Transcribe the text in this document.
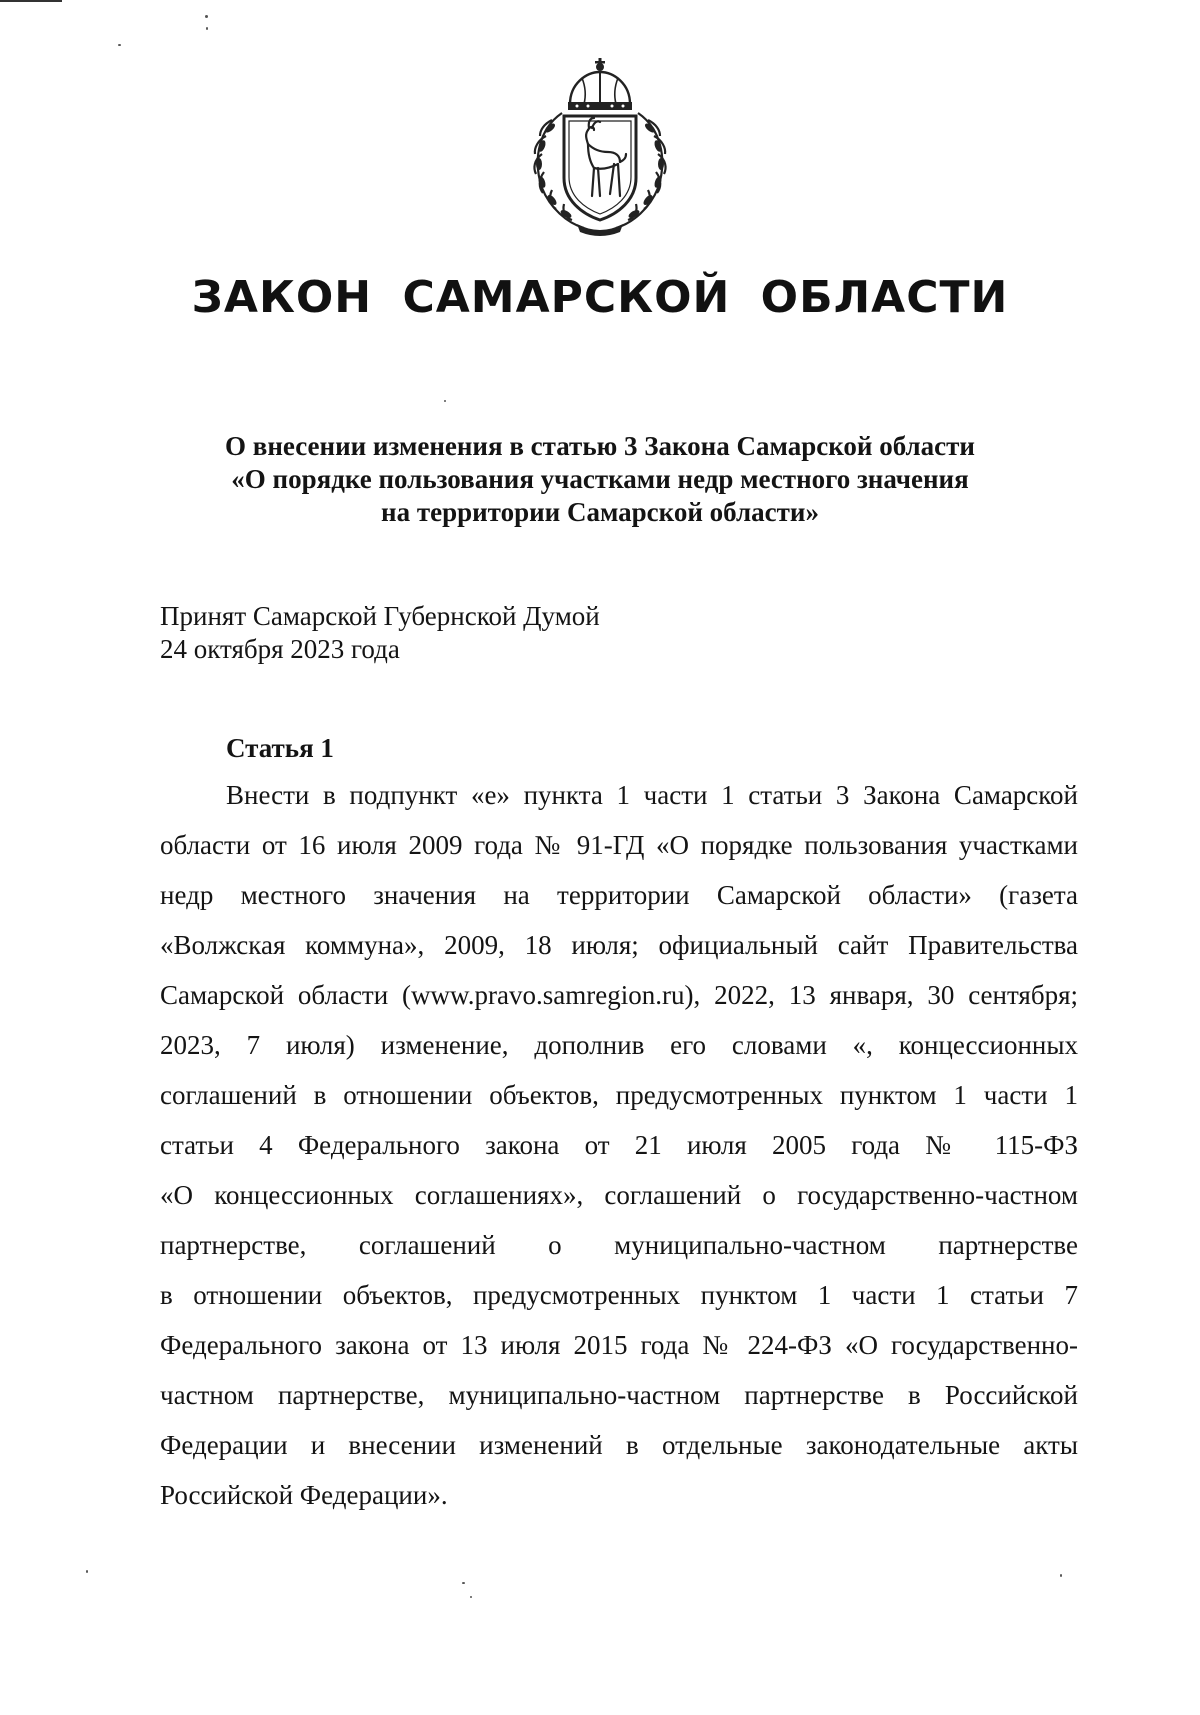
ЗАКОН САМАРСКОЙ ОБЛАСТИ
О внесении изменения в статью 3 Закона Самарской области
«О порядке пользования участками недр местного значения
на территории Самарской области»
Принят Самарской Губернской Думой
24 октября 2023 года
Статья 1
Внести в подпункт «е» пункта 1 части 1 статьи 3 Закона Самарской
области от 16 июля 2009 года № 91-ГД «О порядке пользования участками
недр местного значения на территории Самарской области» (газета
«Волжская коммуна», 2009, 18 июля; официальный сайт Правительства
Самарской области (www.pravo.samregion.ru), 2022, 13 января, 30 сентября;
2023, 7 июля) изменение, дополнив его словами «, концессионных
соглашений в отношении объектов, предусмотренных пунктом 1 части 1
статьи 4 Федерального закона от 21 июля 2005 года № 115-ФЗ
«О концессионных соглашениях», соглашений о государственно-частном
партнерстве, соглашений о муниципально-частном партнерстве
в отношении объектов, предусмотренных пунктом 1 части 1 статьи 7
Федерального закона от 13 июля 2015 года № 224-ФЗ «О государственно-
частном партнерстве, муниципально-частном партнерстве в Российской
Федерации и внесении изменений в отдельные законодательные акты
Российской Федерации».
